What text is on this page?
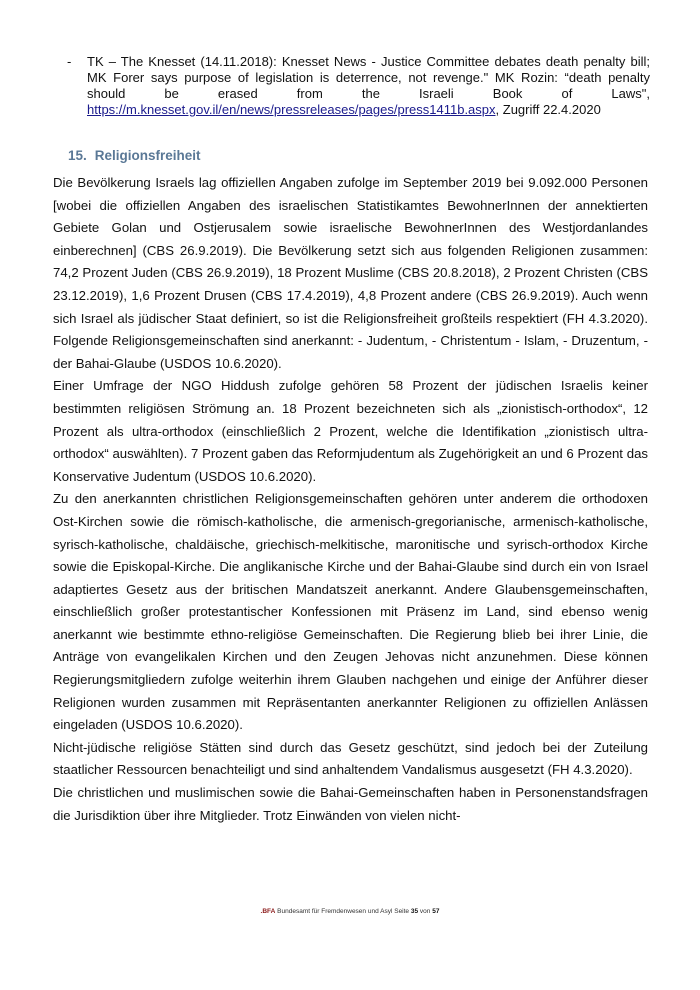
-	TK – The Knesset (14.11.2018): Knesset News - Justice Committee debates death penalty bill; MK Forer says purpose of legislation is deterrence, not revenge." MK Rozin: “death penalty should be erased from the Israeli Book of Laws", https://m.knesset.gov.il/en/news/pressreleases/pages/press1411b.aspx, Zugriff 22.4.2020
15. Religionsfreiheit

Die Bevölkerung Israels lag offiziellen Angaben zufolge im September 2019 bei 9.092.000 Personen [wobei die offiziellen Angaben des israelischen Statistikamtes BewohnerInnen der annektierten Gebiete Golan und Ostjerusalem sowie israelische BewohnerInnen des Westjordanlandes einberechnen] (CBS 26.9.2019). Die Bevölkerung setzt sich aus folgenden Religionen zusammen: 74,2 Prozent Juden (CBS 26.9.2019), 18 Prozent Muslime (CBS 20.8.2018), 2 Prozent Christen (CBS 23.12.2019), 1,6 Prozent Drusen (CBS 17.4.2019), 4,8 Prozent andere (CBS 26.9.2019). Auch wenn sich Israel als jüdischer Staat definiert, so ist die Religionsfreiheit großteils respektiert (FH 4.3.2020). Folgende Religionsgemeinschaften sind anerkannt: - Judentum, - Christentum - Islam, - Druzentum, - der Bahai-Glaube (USDOS 10.6.2020).

Einer Umfrage der NGO Hiddush zufolge gehören 58 Prozent der jüdischen Israelis keiner bestimmten religiösen Strömung an. 18 Prozent bezeichneten sich als „zionistisch-orthodox“, 12 Prozent als ultra-orthodox (einschließlich 2 Prozent, welche die Identifikation „zionistisch ultra-orthodox“ auswählten). 7 Prozent gaben das Reformjudentum als Zugehörigkeit an und 6 Prozent das Konservative Judentum (USDOS 10.6.2020).

Zu den anerkannten christlichen Religionsgemeinschaften gehören unter anderem die orthodoxen Ost-Kirchen sowie die römisch-katholische, die armenisch-gregorianische, armenisch-katholische, syrisch-katholische, chaldäische, griechisch-melkitische, maronitische und syrisch-orthodox Kirche sowie die Episkopal-Kirche. Die anglikanische Kirche und der Bahai-Glaube sind durch ein von Israel adaptiertes Gesetz aus der britischen Mandatszeit anerkannt. Andere Glaubensgemeinschaften, einschließlich großer protestantischer Konfessionen mit Präsenz im Land, sind ebenso wenig anerkannt wie bestimmte ethno-religiöse Gemeinschaften. Die Regierung blieb bei ihrer Linie, die Anträge von evangelikalen Kirchen und den Zeugen Jehovas nicht anzunehmen. Diese können Regierungsmitgliedern zufolge weiterhin ihrem Glauben nachgehen und einige der Anführer dieser Religionen wurden zusammen mit Repräsentanten anerkannter Religionen zu offiziellen Anlässen eingeladen (USDOS 10.6.2020).

Nicht-jüdische religiöse Stätten sind durch das Gesetz geschützt, sind jedoch bei der Zuteilung staatlicher Ressourcen benachteiligt und sind anhaltendem Vandalismus ausgesetzt (FH 4.3.2020).

Die christlichen und muslimischen sowie die Bahai-Gemeinschaften haben in Personenstandsfragen die Jurisdiktion über ihre Mitglieder. Trotz Einwänden von vielen nicht-

.BFA Bundesamt für Fremdenwesen und Asyl Seite 35 von 57
